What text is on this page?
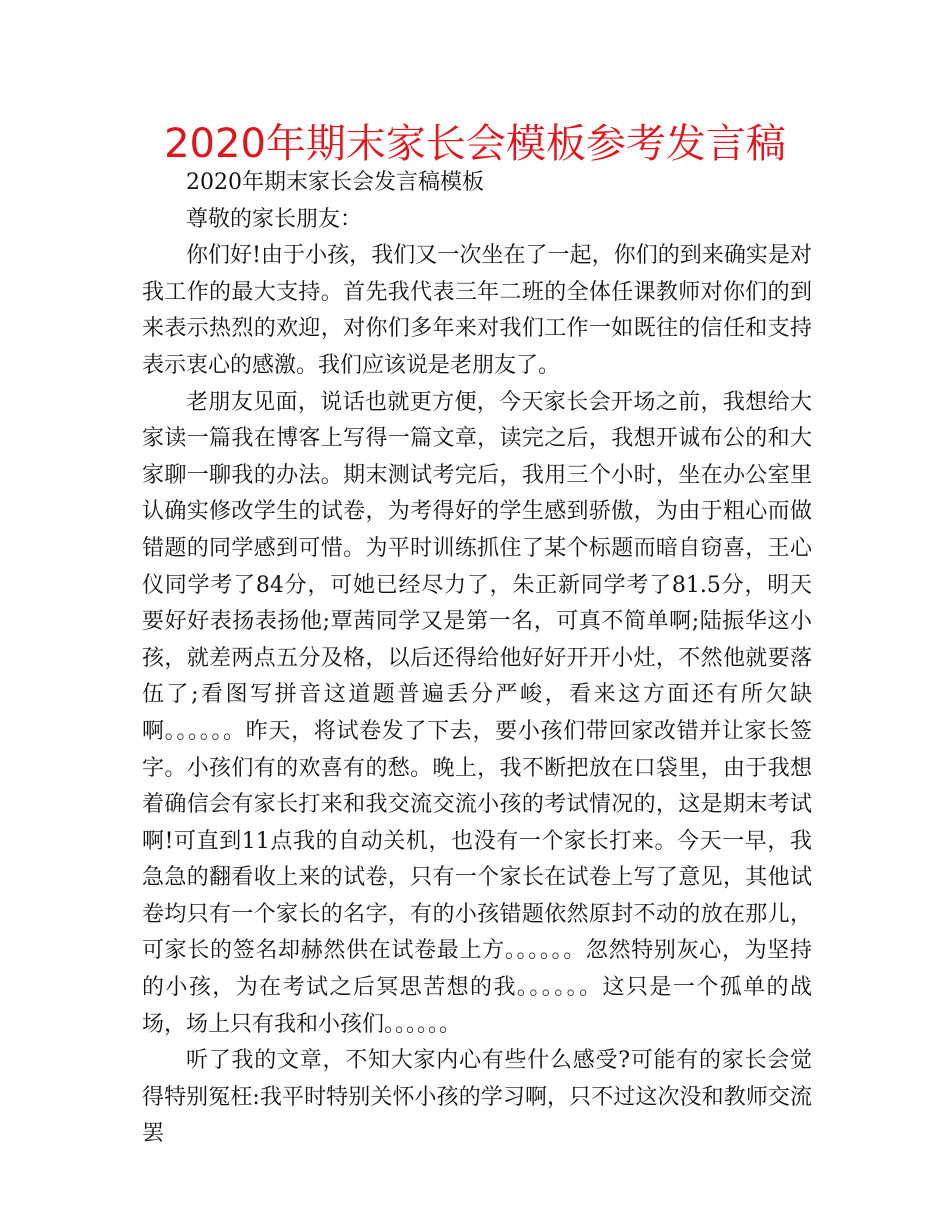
2020年期末家长会模板参考发言稿

2020年期末家长会发言稿模板

尊敬的家长朋友：

你们好!由于小孩，我们又一次坐在了一起，你们的到来确实是对我工作的最大支持。首先我代表三年二班的全体任课教师对你们的到来表示热烈的欢迎，对你们多年来对我们工作一如既往的信任和支持表示衷心的感激。我们应该说是老朋友了。

老朋友见面，说话也就更方便，今天家长会开场之前，我想给大家读一篇我在博客上写得一篇文章，读完之后，我想开诚布公的和大家聊一聊我的办法。期末测试考完后，我用三个小时，坐在办公室里认确实修改学生的试卷，为考得好的学生感到骄傲，为由于粗心而做错题的同学感到可惜。为平时训练抓住了某个标题而暗自窃喜，王心仪同学考了84分，可她已经尽力了，朱正新同学考了81.5分，明天要好好表扬表扬他;覃茜同学又是第一名，可真不简单啊;陆振华这小孩，就差两点五分及格，以后还得给他好好开开小灶，不然他就要落伍了;看图写拼音这道题普遍丢分严峻，看来这方面还有所欠缺啊。。。。。。昨天，将试卷发了下去，要小孩们带回家改错并让家长签字。小孩们有的欢喜有的愁。晚上，我不断把放在口袋里，由于我想着确信会有家长打来和我交流交流小孩的考试情况的，这是期末考试啊!可直到11点我的自动关机，也没有一个家长打来。今天一早，我急急的翻看收上来的试卷，只有一个家长在试卷上写了意见，其他试卷均只有一个家长的名字，有的小孩错题依然原封不动的放在那儿，可家长的签名却赫然供在试卷最上方。。。。。。忽然特别灰心，为坚持的小孩，为在考试之后冥思苦想的我。。。。。。这只是一个孤单的战场，场上只有我和小孩们。。。。。。

听了我的文章，不知大家内心有些什么感受?可能有的家长会觉得特别冤枉:我平时特别关怀小孩的学习啊，只不过这次没和教师交流罢
